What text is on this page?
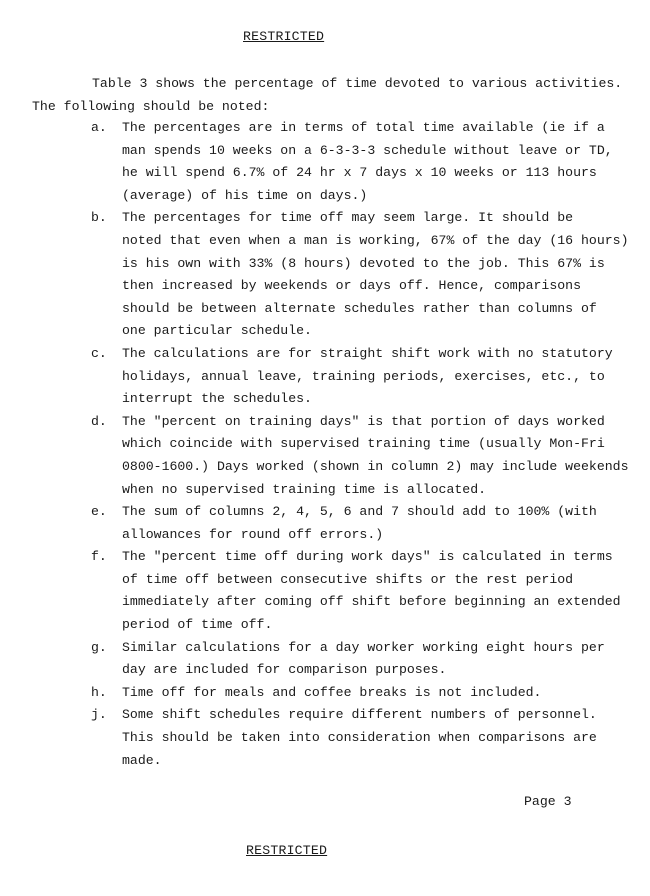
RESTRICTED
Table 3 shows the percentage of time devoted to various activities.
The following should be noted:
a.	The percentages are in terms of total time available (ie if a
man spends 10 weeks on a 6-3-3-3 schedule without leave or TD,
he will spend 6.7% of 24 hr x 7 days x 10 weeks or 113 hours
(average) of his time on days.)
b.	The percentages for time off may seem large. It should be
noted that even when a man is working, 67% of the day (16 hours)
is his own with 33% (8 hours) devoted to the job. This 67% is
then increased by weekends or days off. Hence, comparisons
should be between alternate schedules rather than columns of
one particular schedule.
c.	The calculations are for straight shift work with no statutory
holidays, annual leave, training periods, exercises, etc., to
interrupt the schedules.
d.	The "percent on training days" is that portion of days worked
which coincide with supervised training time (usually Mon-Fri
0800-1600.) Days worked (shown in column 2) may include weekends
when no supervised training time is allocated.
e.	The sum of columns 2, 4, 5, 6 and 7 should add to 100% (with
allowances for round off errors.)
f.	The "percent time off during work days" is calculated in terms
of time off between consecutive shifts or the rest period
immediately after coming off shift before beginning an extended
period of time off.
g.	Similar calculations for a day worker working eight hours per
day are included for comparison purposes.
h.	Time off for meals and coffee breaks is not included.
j.	Some shift schedules require different numbers of personnel.
This should be taken into consideration when comparisons are
made.
Page 3
RESTRICTED
